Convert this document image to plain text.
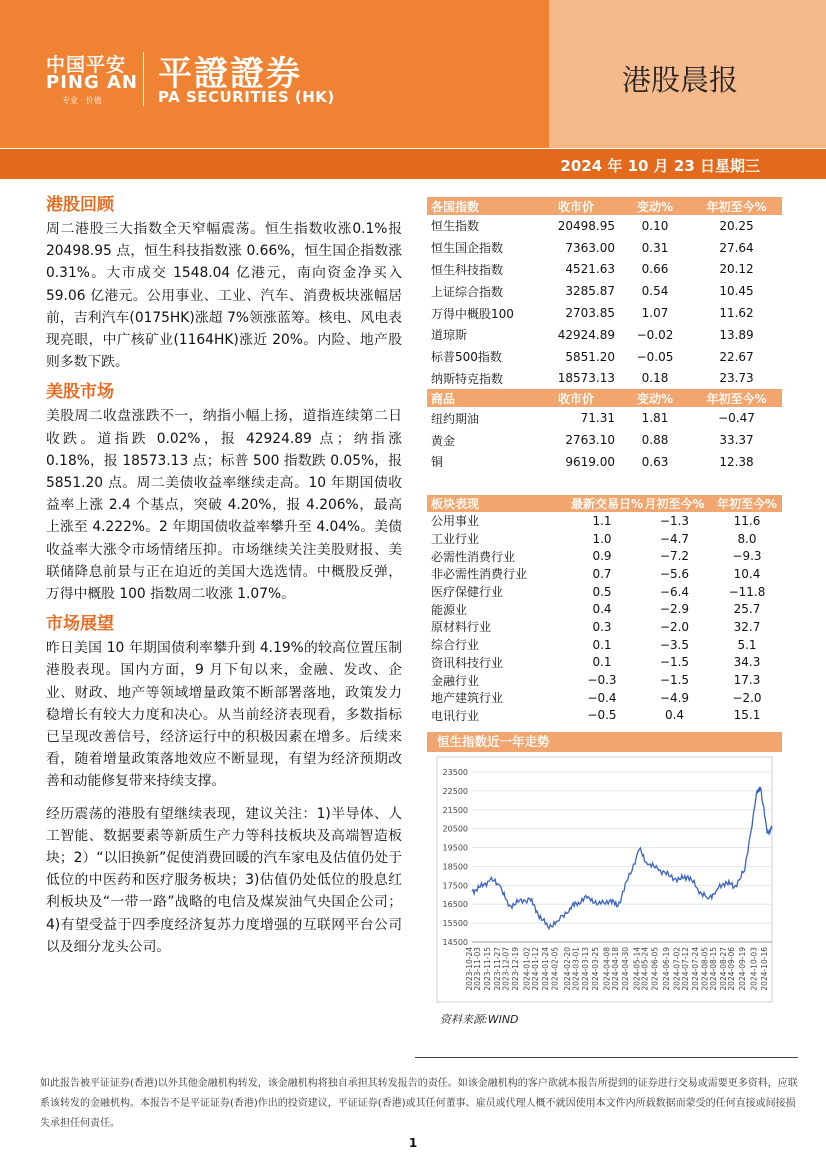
中国平安
PING AN
专业 · 价值
平證證券
PA SECURITIES (HK)	港股晨报
2024 年 10 月 23 日星期三
港股回顾

周二港股三大指数全天窄幅震荡。恒生指数收涨0.1%报 20498.95 点，恒生科技指数涨 0.66%，恒生国企指数涨 0.31%。大市成交 1548.04 亿港元，南向资金净买入 59.06 亿港元。公用事业、工业、汽车、消费板块涨幅居前，吉利汽车(0175HK)涨超 7%领涨蓝筹。核电、风电表现亮眼，中广核矿业(1164HK)涨近 20%。内险、地产股则多数下跌。

美股市场

美股周二收盘涨跌不一，纳指小幅上扬，道指连续第二日收跌。道指跌 0.02%，报 42924.89 点；纳指涨 0.18%，报 18573.13 点；标普 500 指数跌 0.05%，报 5851.20 点。周二美债收益率继续走高。10 年期国债收益率上涨 2.4 个基点，突破 4.20%，报 4.206%，最高上涨至 4.222%。2 年期国债收益率攀升至 4.04%。美债收益率大涨令市场情绪压抑。市场继续关注美股财报、美联储降息前景与正在迫近的美国大选选情。中概股反弹，万得中概股 100 指数周二收涨 1.07%。

市场展望

昨日美国 10 年期国债利率攀升到 4.19%的较高位置压制港股表现。国内方面，9 月下旬以来，金融、发改、企业、财政、地产等领域增量政策不断部署落地，政策发力稳增长有较大力度和决心。从当前经济表现看，多数指标已呈现改善信号，经济运行中的积极因素在增多。后续来看，随着增量政策落地效应不断显现，有望为经济预期改善和动能修复带来持续支撑。

经历震荡的港股有望继续表现，建议关注：1)半导体、人工智能、数据要素等新质生产力等科技板块及高端智造板块；2）“以旧换新”促使消费回暖的汽车家电及估值仍处于低位的中医药和医疗服务板块；3)估值仍处低位的股息红利板块及“一带一路”战略的电信及煤炭油气央国企公司；4)有望受益于四季度经济复苏力度增强的互联网平台公司以及细分龙头公司。

各国指数	收市价	变动%	年初至今%
恒生指数	20498.95	0.10	20.25
恒生国企指数	7363.00	0.31	27.64
恒生科技指数	4521.63	0.66	20.12
上证综合指数	3285.87	0.54	10.45
万得中概股100	2703.85	1.07	11.62
道琼斯	42924.89	−0.02	13.89
标普500指数	5851.20	−0.05	22.67
纳斯特克指数	18573.13	0.18	23.73
商品	收市价	变动%	年初至今%
纽约期油	71.31	1.81	−0.47
黄金	2763.10	0.88	33.37
铜	9619.00	0.63	12.38
板块表现	最新交易日%	月初至今%	年初至今%
公用事业	1.1	−1.3	11.6
工业行业	1.0	−4.7	8.0
必需性消费行业	0.9	−7.2	−9.3
非必需性消费行业	0.7	−5.6	10.4
医疗保健行业	0.5	−6.4	−11.8
能源业	0.4	−2.9	25.7
原材料行业	0.3	−2.0	32.7
综合行业	0.1	−3.5	5.1
资讯科技行业	0.1	−1.5	34.3
金融行业	−0.3	−1.5	17.3
地产建筑行业	−0.4	−4.9	−2.0
电讯行业	−0.5	0.4	15.1
恒生指数近一年走势
14500
15500
16500
17500
18500
19500
20500
21500
22500
23500
2023-10-24 2023-11-03 2023-11-15 2023-11-27 2023-12-07 2023-12-19 2024-01-02 2024-01-12 2024-01-24 2024-02-05 2024-02-20 2024-03-01 2024-03-13 2024-03-25 2024-04-08 2024-04-18 2024-04-30 2024-05-14 2024-05-24 2024-06-05 2024-06-19 2024-07-02 2024-07-12 2024-07-24 2024-08-05 2024-08-15 2024-08-27 2024-09-06 2024-09-19 2024-10-03 2024-10-16
资料来源:WIND
如此报告被平证证券(香港)以外其他金融机构转发，该金融机构将独自承担其转发报告的责任。如该金融机构的客户欲就本报告所提到的证券进行交易或需要更多资料，应联系该转发的金融机构。本报告不是平证证券(香港)作出的投资建议，平证证券(香港)或其任何董事、雇员或代理人概不就因使用本文件内所载数据而蒙受的任何直接或间接损失承担任何责任。
1
